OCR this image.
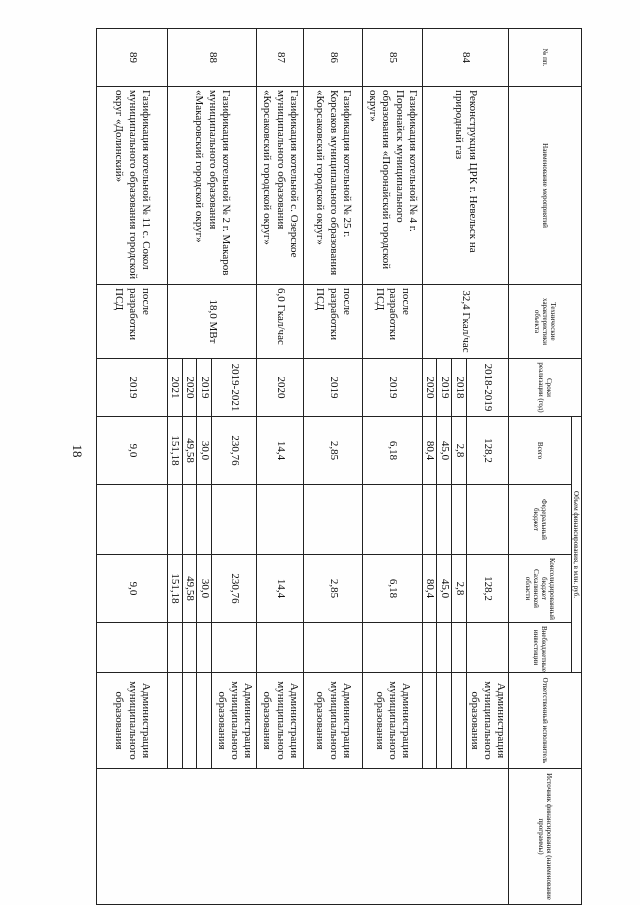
18
№ пп.	Наименование мероприятий	Технические характеристики объекта	Сроки реализации (год)	Объем финансирования, в млн. руб.				Ответственный исполнитель	Источник финансирования (наименование программы)
				Всего	Федеральный бюджет	Консолидированный бюджет Сахалинской области	Внебюджетные инвестиции		
84	Реконструкция ЦРК г. Невельск на природный газ	32,4 Гкал/час	2018-2019	128,2		128,2		Администрация муниципального образования	
			2018	2,8		2,8			
			2019	45,0		45,0			
			2020	80,4		80,4			
85	Газификация котельной № 4 г. Поронайск муниципального образования «Поронайский городской округ»	после разработки ПСД	2019	6,18		6,18		Администрация муниципального образования	
86	Газификация котельной № 25 г. Корсаков муниципального образования «Корсаковский городской округ»	после разработки ПСД	2019	2,85		2,85		Администрация муниципального образования	
87	Газификация котельной с. Озерское муниципального образования «Корсаковский городской округ»	6,0 Гкал/час	2020	14,4		14,4		Администрация муниципального образования	
88	Газификация котельной № 2 г. Макаров муниципального образования «Макаровский городской округ»	18,0 МВт	2019-2021	230,76		230,76		Администрация муниципального образования	
			2019	30,0		30,0			
			2020	49,58		49,58			
			2021	151,18		151,18			
89	Газификация котельной № 11 с. Сокол муниципального образования городской округ «Долинский»	после разработки ПСД	2019	9,0		9,0		Администрация муниципального образования	
